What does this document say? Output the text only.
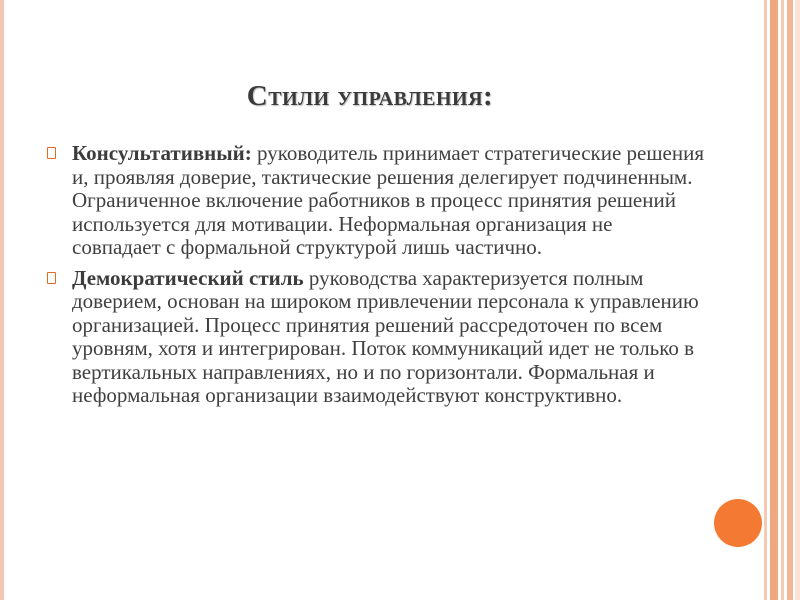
Стили управления:
Консультативный: руководитель принимает стратегические решения и, проявляя доверие, тактические решения делегирует подчиненным. Ограниченное включение работников в процесс принятия решений используется для мотивации. Неформальная организация не совпадает с формальной структурой лишь частично.
Демократический стиль руководства характеризуется полным доверием, основан на широком привлечении персонала к управлению организацией. Процесс принятия решений рассредоточен по всем уровням, хотя и интегрирован. Поток коммуникаций идет не только в вертикальных направлениях, но и по горизонтали. Формальная и неформальная организации взаимодействуют конструктивно.
